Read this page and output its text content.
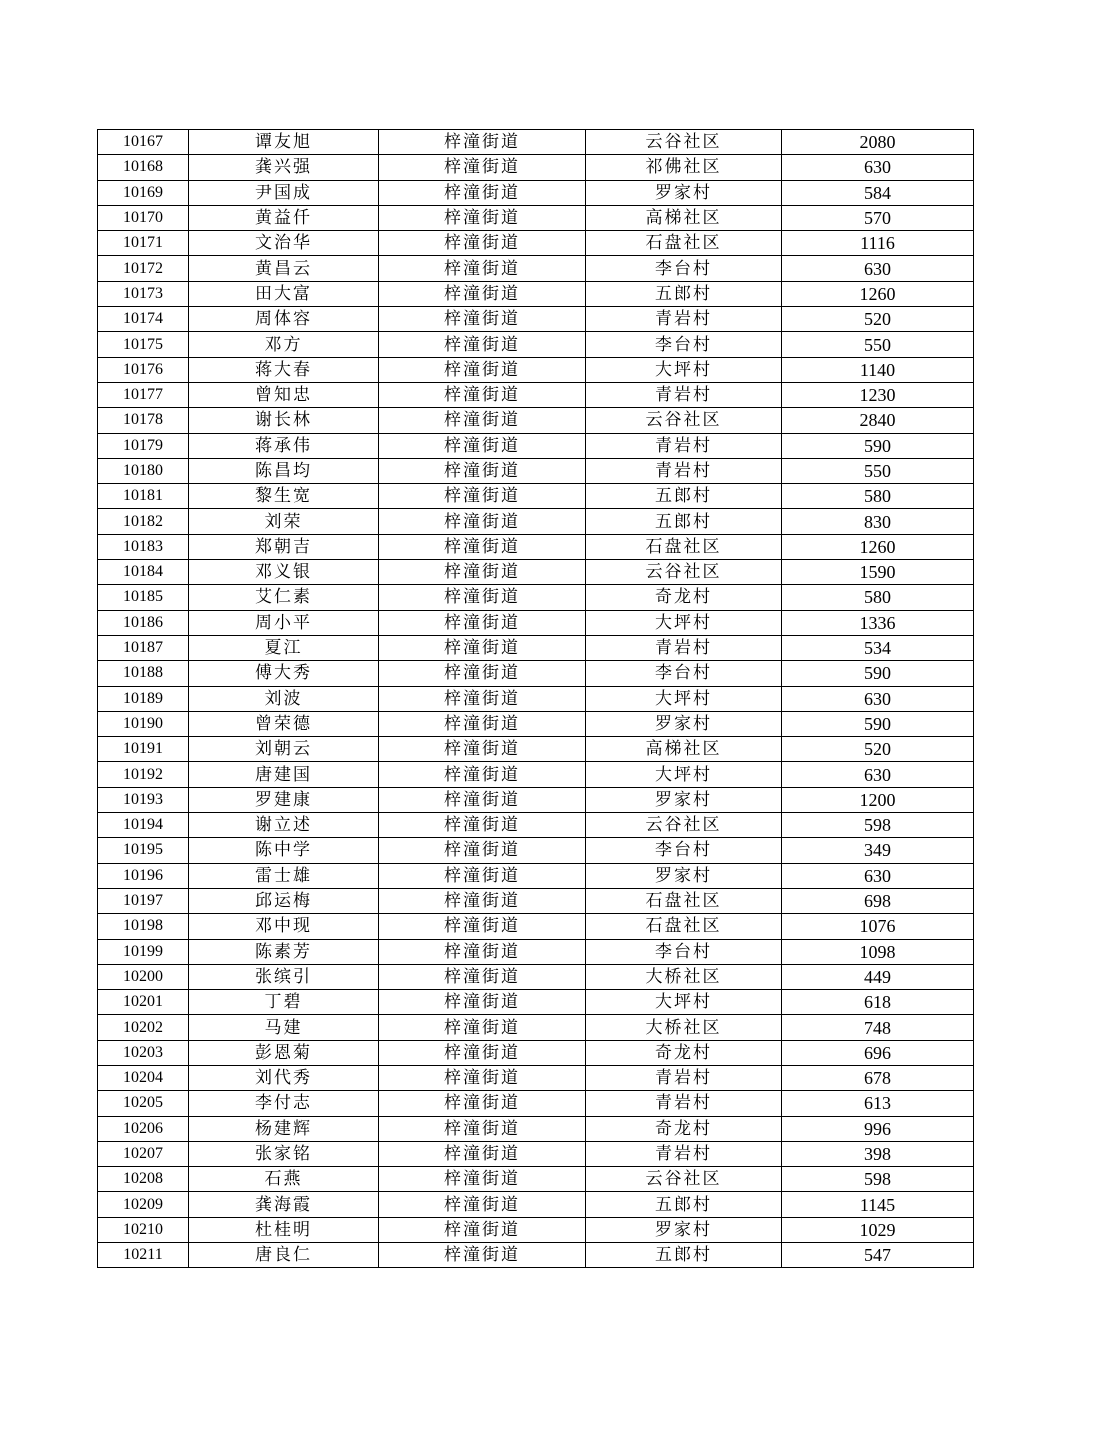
10167	谭友旭	梓潼街道	云谷社区	2080
10168	龚兴强	梓潼街道	祁佛社区	630
10169	尹国成	梓潼街道	罗家村	584
10170	黄益仟	梓潼街道	高梯社区	570
10171	文治华	梓潼街道	石盘社区	1116
10172	黄昌云	梓潼街道	李台村	630
10173	田大富	梓潼街道	五郎村	1260
10174	周体容	梓潼街道	青岩村	520
10175	邓方	梓潼街道	李台村	550
10176	蒋大春	梓潼街道	大坪村	1140
10177	曾知忠	梓潼街道	青岩村	1230
10178	谢长林	梓潼街道	云谷社区	2840
10179	蒋承伟	梓潼街道	青岩村	590
10180	陈昌均	梓潼街道	青岩村	550
10181	黎生宽	梓潼街道	五郎村	580
10182	刘荣	梓潼街道	五郎村	830
10183	郑朝吉	梓潼街道	石盘社区	1260
10184	邓义银	梓潼街道	云谷社区	1590
10185	艾仁素	梓潼街道	奇龙村	580
10186	周小平	梓潼街道	大坪村	1336
10187	夏江	梓潼街道	青岩村	534
10188	傅大秀	梓潼街道	李台村	590
10189	刘波	梓潼街道	大坪村	630
10190	曾荣德	梓潼街道	罗家村	590
10191	刘朝云	梓潼街道	高梯社区	520
10192	唐建国	梓潼街道	大坪村	630
10193	罗建康	梓潼街道	罗家村	1200
10194	谢立述	梓潼街道	云谷社区	598
10195	陈中学	梓潼街道	李台村	349
10196	雷士雄	梓潼街道	罗家村	630
10197	邱运梅	梓潼街道	石盘社区	698
10198	邓中现	梓潼街道	石盘社区	1076
10199	陈素芳	梓潼街道	李台村	1098
10200	张缤引	梓潼街道	大桥社区	449
10201	丁碧	梓潼街道	大坪村	618
10202	马建	梓潼街道	大桥社区	748
10203	彭恩菊	梓潼街道	奇龙村	696
10204	刘代秀	梓潼街道	青岩村	678
10205	李付志	梓潼街道	青岩村	613
10206	杨建辉	梓潼街道	奇龙村	996
10207	张家铭	梓潼街道	青岩村	398
10208	石燕	梓潼街道	云谷社区	598
10209	龚海霞	梓潼街道	五郎村	1145
10210	杜桂明	梓潼街道	罗家村	1029
10211	唐良仁	梓潼街道	五郎村	547
